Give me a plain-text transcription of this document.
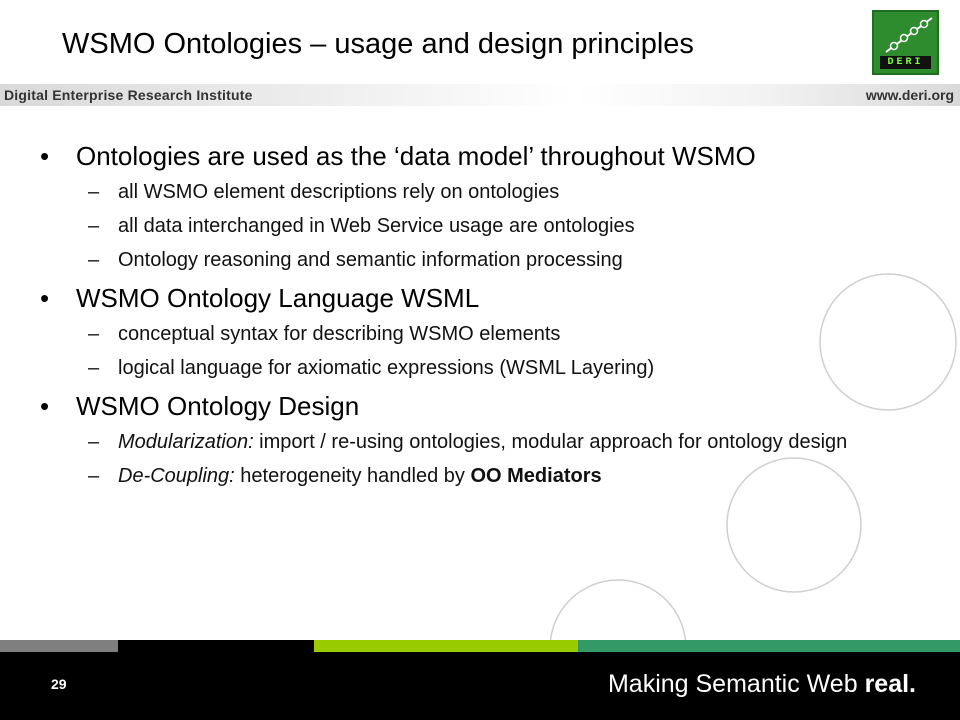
WSMO Ontologies – usage and design principles
DERI
Digital Enterprise Research Institute	www.deri.org
• Ontologies are used as the ‘data model’ throughout WSMO
– all WSMO element descriptions rely on ontologies
– all data interchanged in Web Service usage are ontologies
– Ontology reasoning and semantic information processing
• WSMO Ontology Language WSML
– conceptual syntax for describing WSMO elements
– logical language for axiomatic expressions (WSML Layering)
• WSMO Ontology Design
– Modularization: import / re-using ontologies, modular approach for ontology design
– De-Coupling: heterogeneity handled by OO Mediators
29	Making Semantic Web real.
